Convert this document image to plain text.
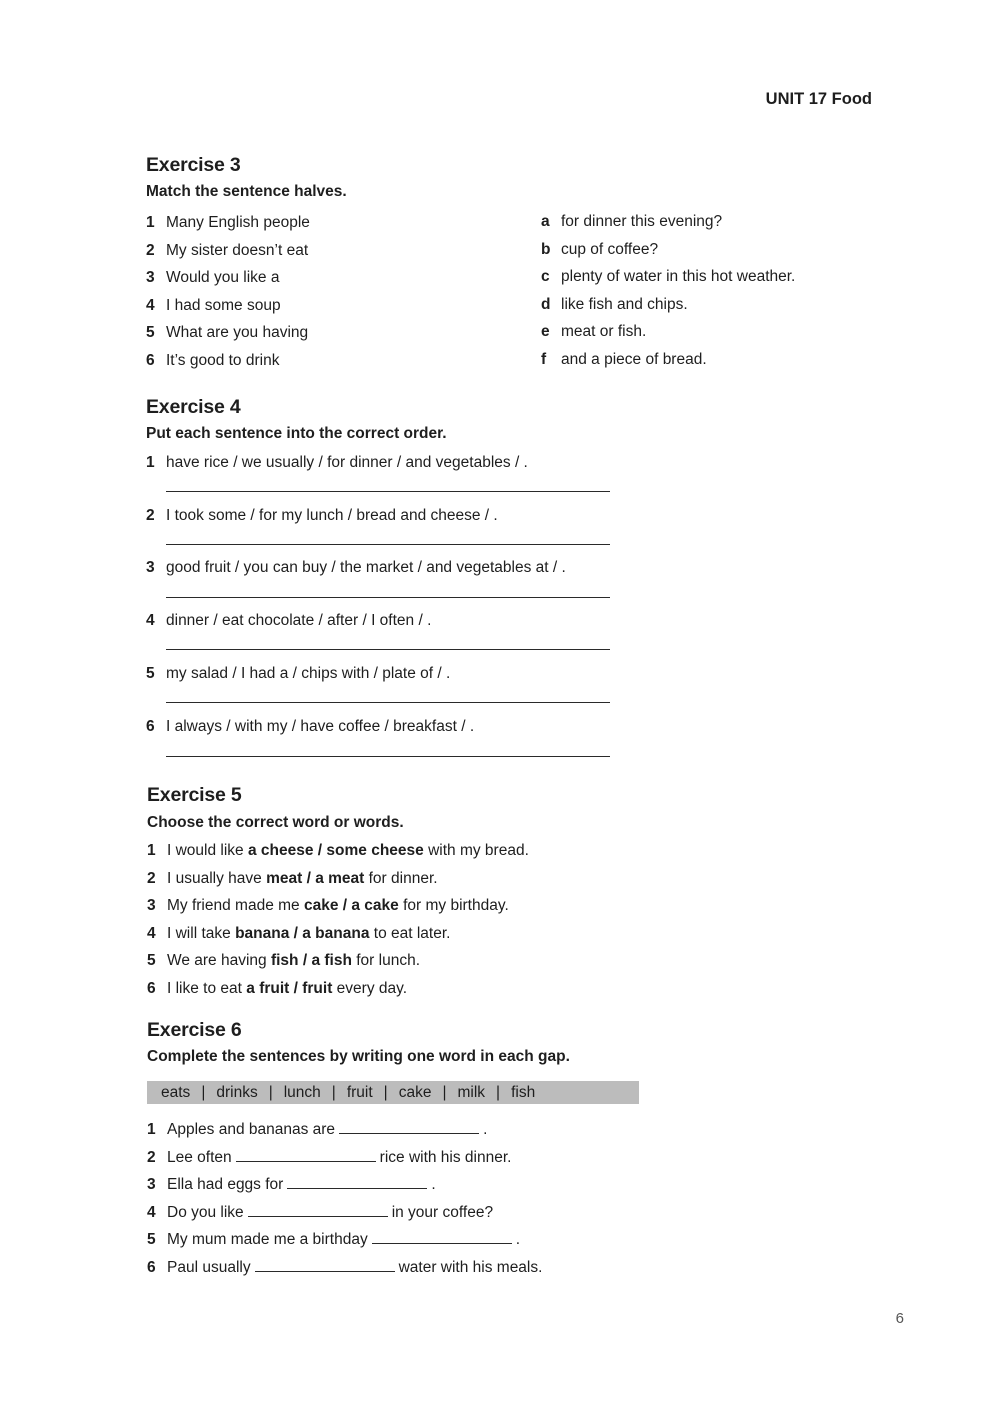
UNIT 17 Food
Exercise 3
Match the sentence halves.
1 Many English people
2 My sister doesn’t eat
3 Would you like a
4 I had some soup
5 What are you having
6 It’s good to drink
a for dinner this evening?
b cup of coffee?
c plenty of water in this hot weather.
d like fish and chips.
e meat or fish.
f and a piece of bread.
Exercise 4
Put each sentence into the correct order.
1 have rice / we usually / for dinner / and vegetables / .
2 I took some / for my lunch / bread and cheese / .
3 good fruit / you can buy / the market / and vegetables at / .
4 dinner / eat chocolate / after / I often / .
5 my salad / I had a / chips with / plate of / .
6 I always / with my / have coffee / breakfast / .
Exercise 5
Choose the correct word or words.
1 I would like a cheese / some cheese with my bread.
2 I usually have meat / a meat for dinner.
3 My friend made me cake / a cake for my birthday.
4 I will take banana / a banana to eat later.
5 We are having fish / a fish for lunch.
6 I like to eat a fruit / fruit every day.
Exercise 6
Complete the sentences by writing one word in each gap.
eats | drinks | lunch | fruit | cake | milk | fish
1 Apples and bananas are	.
2 Lee often	rice with his dinner.
3 Ella had eggs for	.
4 Do you like	in your coffee?
5 My mum made me a birthday	.
6 Paul usually	water with his meals.
6
